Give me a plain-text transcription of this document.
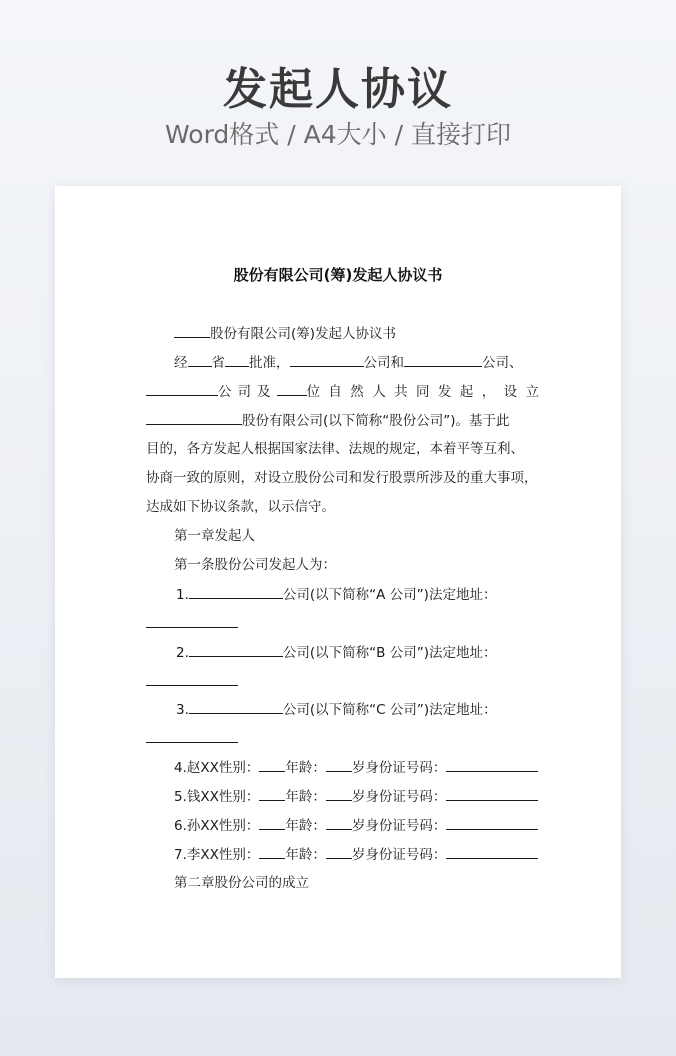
发起人协议
Word格式 / A4大小 / 直接打印
股份有限公司(筹)发起人协议书
股份有限公司(筹)发起人协议书
经 省 批准，	公司和	公司、
公司及 位自然人共同发起，设立
股份有限公司(以下简称“股份公司”)。基于此
目的，各方发起人根据国家法律、法规的规定，本着平等互利、
协商一致的原则，对设立股份公司和发行股票所涉及的重大事项，
达成如下协议条款，以示信守。
第一章发起人
第一条股份公司发起人为：
1.	公司(以下简称“A 公司”)法定地址：
2.	公司(以下简称“B 公司”)法定地址：
3.	公司(以下简称“C 公司”)法定地址：
4.赵XX性别： 年龄： 岁身份证号码：
5.钱XX性别： 年龄： 岁身份证号码：
6.孙XX性别： 年龄： 岁身份证号码：
7.李XX性别： 年龄： 岁身份证号码：
第二章股份公司的成立
